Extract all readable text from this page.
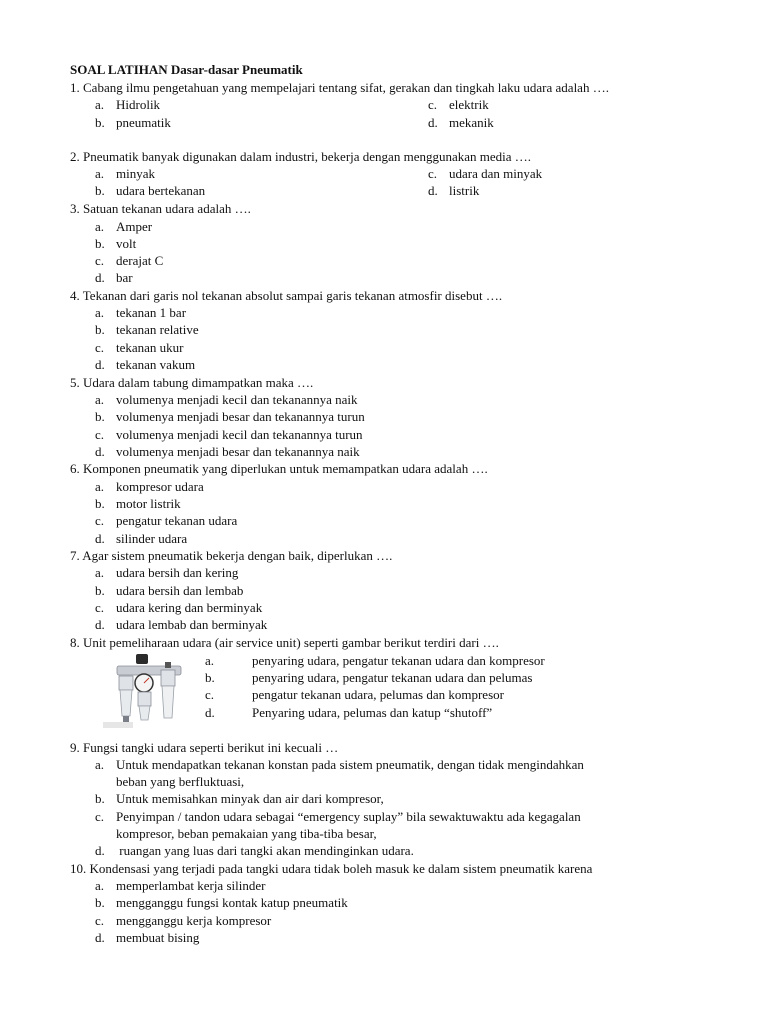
SOAL LATIHAN Dasar-dasar Pneumatik
1. Cabang ilmu pengetahuan yang mempelajari tentang sifat, gerakan dan tingkah laku udara adalah ….
a. Hidrolik	c. elektrik
b. pneumatik	d. mekanik
2. Pneumatik banyak digunakan dalam industri, bekerja dengan menggunakan media ….
a. minyak	c. udara dan minyak
b. udara bertekanan	d. listrik
3. Satuan tekanan udara adalah ….
a. Amper
b. volt
c. derajat C
d. bar
4. Tekanan dari garis nol tekanan absolut sampai garis tekanan atmosfir disebut ….
a. tekanan 1 bar
b. tekanan relative
c. tekanan ukur
d. tekanan vakum
5. Udara dalam tabung dimampatkan maka ….
a. volumenya menjadi kecil dan tekanannya naik
b. volumenya menjadi besar dan tekanannya turun
c. volumenya menjadi kecil dan tekanannya turun
d. volumenya menjadi besar dan tekanannya naik
6. Komponen pneumatik yang diperlukan untuk memampatkan udara adalah ….
a. kompresor udara
b. motor listrik
c. pengatur tekanan udara
d. silinder udara
7. Agar sistem pneumatik bekerja dengan baik, diperlukan ….
a. udara bersih dan kering
b. udara bersih dan lembab
c. udara kering dan berminyak
d. udara lembab dan berminyak
8. Unit pemeliharaan udara (air service unit) seperti gambar berikut terdiri dari ….
a.	penyaring udara, pengatur tekanan udara dan kompresor
b.	penyaring udara, pengatur tekanan udara dan pelumas
c.	pengatur tekanan udara, pelumas dan kompresor
d.	Penyaring udara, pelumas dan katup “shutoff”
9. Fungsi tangki udara seperti berikut ini kecuali …
a. Untuk mendapatkan tekanan konstan pada sistem pneumatik, dengan tidak mengindahkan
beban yang berfluktuasi,
b. Untuk memisahkan minyak dan air dari kompresor,
c. Penyimpan / tandon udara sebagai “emergency suplay” bila sewaktuwaktu ada kegagalan
kompresor, beban pemakaian yang tiba-tiba besar,
d. ruangan yang luas dari tangki akan mendinginkan udara.
10. Kondensasi yang terjadi pada tangki udara tidak boleh masuk ke dalam sistem pneumatik karena
a. memperlambat kerja silinder
b. mengganggu fungsi kontak katup pneumatik
c. mengganggu kerja kompresor
d. membuat bising
